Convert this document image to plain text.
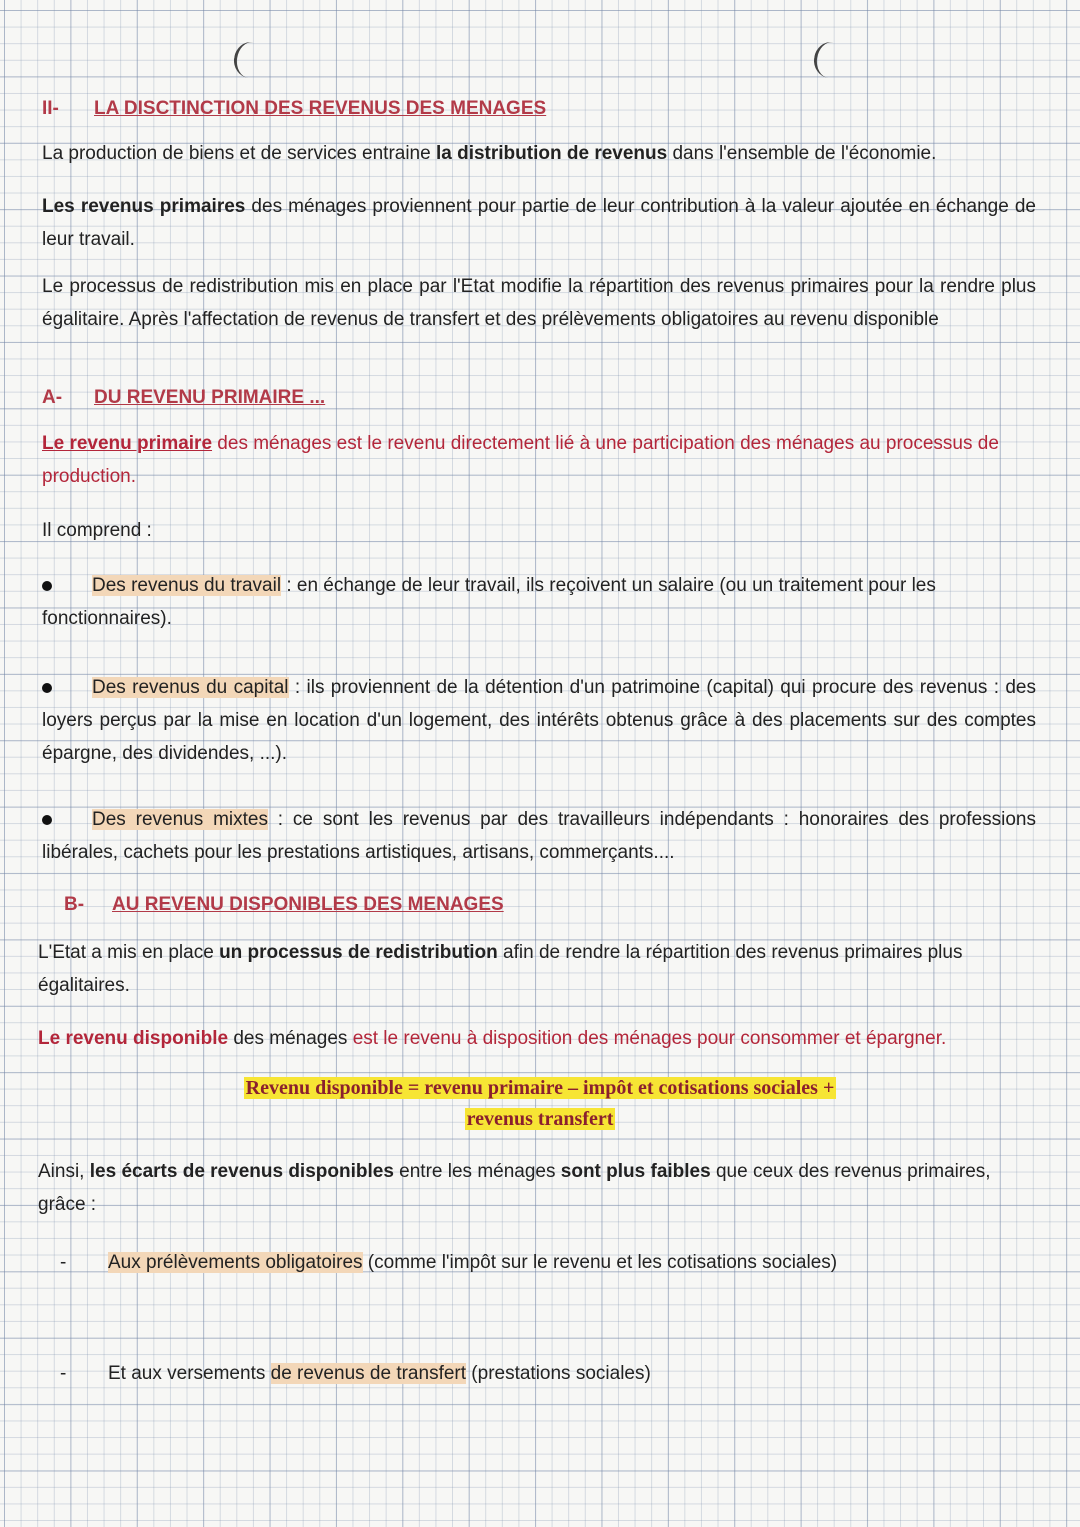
II- LA DISCTINCTION DES REVENUS DES MENAGES
La production de biens et de services entraine la distribution de revenus dans l'ensemble de l'économie.
Les revenus primaires des ménages proviennent pour partie de leur contribution à la valeur ajoutée en échange de leur travail.
Le processus de redistribution mis en place par l'Etat modifie la répartition des revenus primaires pour la rendre plus égalitaire. Après l'affectation de revenus de transfert et des prélèvements obligatoires au revenu disponible
A- DU REVENU PRIMAIRE ...
Le revenu primaire des ménages est le revenu directement lié à une participation des ménages au processus de production.
Il comprend :
Des revenus du travail : en échange de leur travail, ils reçoivent un salaire (ou un traitement pour les fonctionnaires).
Des revenus du capital : ils proviennent de la détention d'un patrimoine (capital) qui procure des revenus : des loyers perçus par la mise en location d'un logement, des intérêts obtenus grâce à des placements sur des comptes épargne, des dividendes, ...).
Des revenus mixtes : ce sont les revenus par des travailleurs indépendants : honoraires des professions libérales, cachets pour les prestations artistiques, artisans, commerçants....
B- AU REVENU DISPONIBLES DES MENAGES
L'Etat a mis en place un processus de redistribution afin de rendre la répartition des revenus primaires plus égalitaires.
Le revenu disponible des ménages est le revenu à disposition des ménages pour consommer et épargner.
Revenu disponible = revenu primaire – impôt et cotisations sociales +
revenus transfert
Ainsi, les écarts de revenus disponibles entre les ménages sont plus faibles que ceux des revenus primaires, grâce :
- Aux prélèvements obligatoires (comme l'impôt sur le revenu et les cotisations sociales)
- Et aux versements de revenus de transfert (prestations sociales)
